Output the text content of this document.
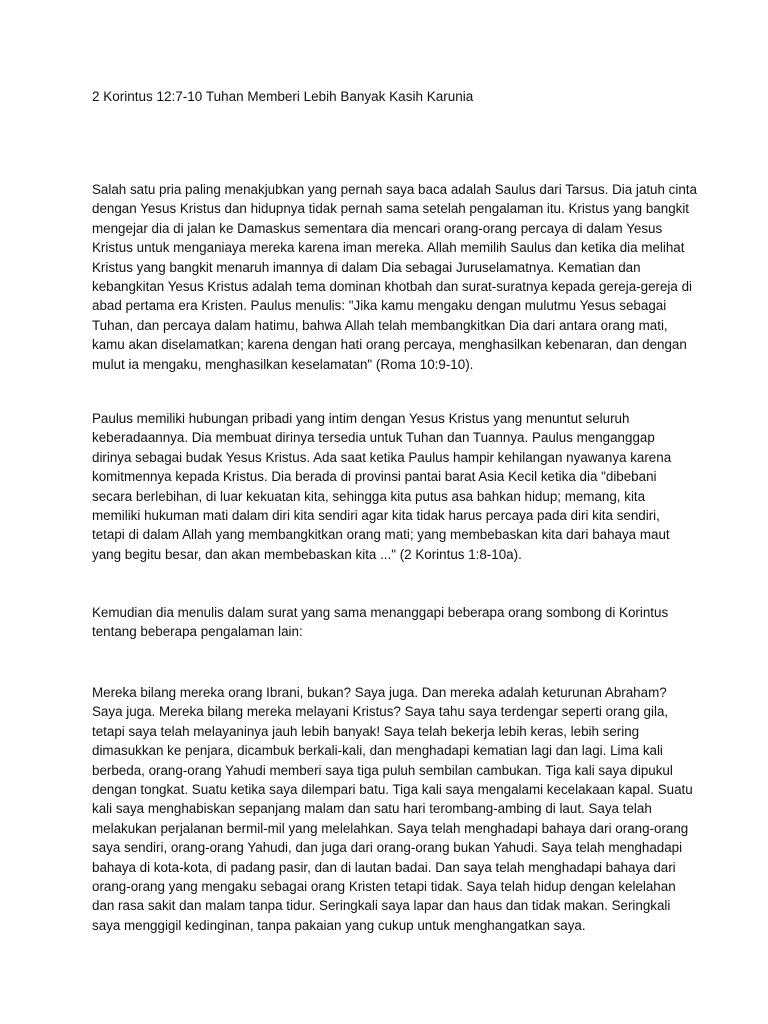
2 Korintus 12:7-10 Tuhan Memberi Lebih Banyak Kasih Karunia
Salah satu pria paling menakjubkan yang pernah saya baca adalah Saulus dari Tarsus. Dia jatuh cinta
dengan Yesus Kristus dan hidupnya tidak pernah sama setelah pengalaman itu. Kristus yang bangkit
mengejar dia di jalan ke Damaskus sementara dia mencari orang-orang percaya di dalam Yesus
Kristus untuk menganiaya mereka karena iman mereka. Allah memilih Saulus dan ketika dia melihat
Kristus yang bangkit menaruh imannya di dalam Dia sebagai Juruselamatnya. Kematian dan
kebangkitan Yesus Kristus adalah tema dominan khotbah dan surat-suratnya kepada gereja-gereja di
abad pertama era Kristen. Paulus menulis: "Jika kamu mengaku dengan mulutmu Yesus sebagai
Tuhan, dan percaya dalam hatimu, bahwa Allah telah membangkitkan Dia dari antara orang mati,
kamu akan diselamatkan; karena dengan hati orang percaya, menghasilkan kebenaran, dan dengan
mulut ia mengaku, menghasilkan keselamatan" (Roma 10:9-10).
Paulus memiliki hubungan pribadi yang intim dengan Yesus Kristus yang menuntut seluruh
keberadaannya. Dia membuat dirinya tersedia untuk Tuhan dan Tuannya. Paulus menganggap
dirinya sebagai budak Yesus Kristus. Ada saat ketika Paulus hampir kehilangan nyawanya karena
komitmennya kepada Kristus. Dia berada di provinsi pantai barat Asia Kecil ketika dia "dibebani
secara berlebihan, di luar kekuatan kita, sehingga kita putus asa bahkan hidup; memang, kita
memiliki hukuman mati dalam diri kita sendiri agar kita tidak harus percaya pada diri kita sendiri,
tetapi di dalam Allah yang membangkitkan orang mati; yang membebaskan kita dari bahaya maut
yang begitu besar, dan akan membebaskan kita ..." (2 Korintus 1:8-10a).
Kemudian dia menulis dalam surat yang sama menanggapi beberapa orang sombong di Korintus
tentang beberapa pengalaman lain:
Mereka bilang mereka orang Ibrani, bukan? Saya juga. Dan mereka adalah keturunan Abraham?
Saya juga. Mereka bilang mereka melayani Kristus? Saya tahu saya terdengar seperti orang gila,
tetapi saya telah melayaninya jauh lebih banyak! Saya telah bekerja lebih keras, lebih sering
dimasukkan ke penjara, dicambuk berkali-kali, dan menghadapi kematian lagi dan lagi. Lima kali
berbeda, orang-orang Yahudi memberi saya tiga puluh sembilan cambukan. Tiga kali saya dipukul
dengan tongkat. Suatu ketika saya dilempari batu. Tiga kali saya mengalami kecelakaan kapal. Suatu
kali saya menghabiskan sepanjang malam dan satu hari terombang-ambing di laut. Saya telah
melakukan perjalanan bermil-mil yang melelahkan. Saya telah menghadapi bahaya dari orang-orang
saya sendiri, orang-orang Yahudi, dan juga dari orang-orang bukan Yahudi. Saya telah menghadapi
bahaya di kota-kota, di padang pasir, dan di lautan badai. Dan saya telah menghadapi bahaya dari
orang-orang yang mengaku sebagai orang Kristen tetapi tidak. Saya telah hidup dengan kelelahan
dan rasa sakit dan malam tanpa tidur. Seringkali saya lapar dan haus dan tidak makan. Seringkali
saya menggigil kedinginan, tanpa pakaian yang cukup untuk menghangatkan saya.
